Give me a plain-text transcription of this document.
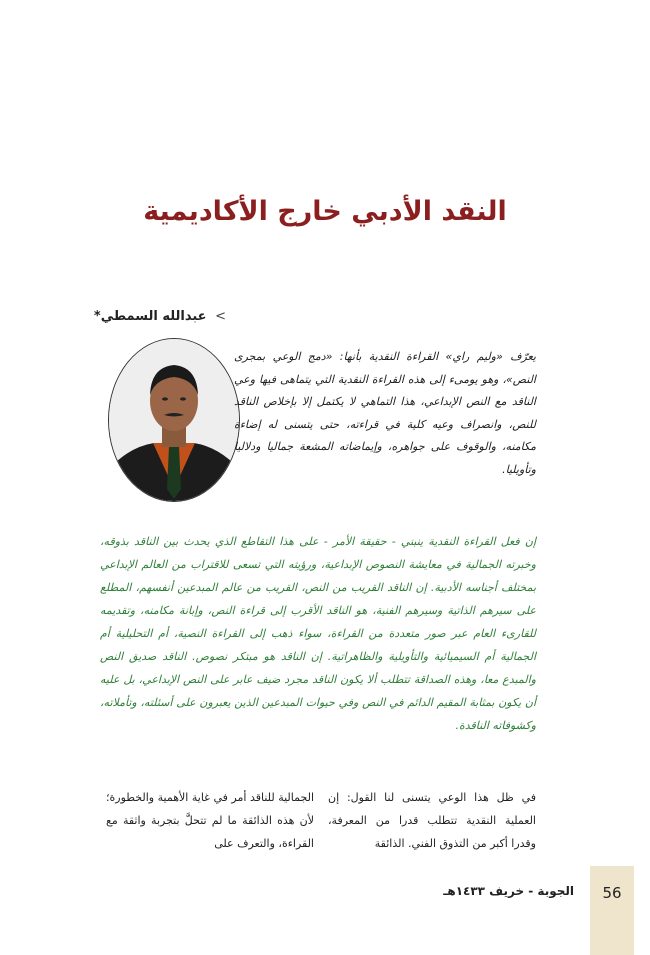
النقد الأدبي خارج الأكاديمية
> عبدالله السمطي*

يعرّف «وليم راي» القراءة النقدية بأنها: «دمج الوعي بمجرى النص»، وهو يومىء إلى هذه القراءة النقدية التي يتماهى فيها وعي الناقد مع النص الإبداعي، هذا التماهي لا يكتمل إلا بإخلاص الناقد للنص، وانصراف وعيه كلية في قراءته، حتى يتسنى له إضاءة مكامنه، والوقوف على جواهره، وإيماضاته المشعة جماليا ودلاليا وتأويليا.

إن فعل القراءة النقدية ينبني - حقيقة الأمر - على هذا التقاطع الذي يحدث بين الناقد بذوقه، وخبرته الجمالية في معايشة النصوص الإبداعية، ورؤيته التي تسعى للاقتراب من العالم الإبداعي بمختلف أجناسه الأدبية. إن الناقد القريب من النص، القريب من عالم المبدعين أنفسهم، المطلع على سيرهم الذاتية وسيرهم الفنية، هو الناقد الأقرب إلى قراءة النص، وإبانة مكامنه، وتقديمه للقارىء العام عبر صور متعددة من القراءة، سواء ذهب إلى القراءة النصية، أم التحليلية أم الجمالية أم السيميائية والتأويلية والظاهراتية. إن الناقد هو مبتكر نصوص. الناقد صديق النص والمبدع معا، وهذه الصداقة تتطلب ألا يكون الناقد مجرد ضيف عابر على النص الإبداعي، بل عليه أن يكون بمثابة المقيم الدائم في النص وفي حيوات المبدعين الذين يعبرون على أسئلته، وتأملاته، وكشوفاته الناقدة.

في ظل هذا الوعي يتسنى لنا القول: إن العملية النقدية تتطلب قدرا من المعرفة، وقدرا أكبر من التذوق الفني. الذائقة

الجمالية للناقد أمر في غاية الأهمية والخطورة؛ لأن هذه الذائقة ما لم تتحلَّ بتجربة واثقة مع القراءة، والتعرف على

56
الجوبة - خريف ١٤٣٣هـ
